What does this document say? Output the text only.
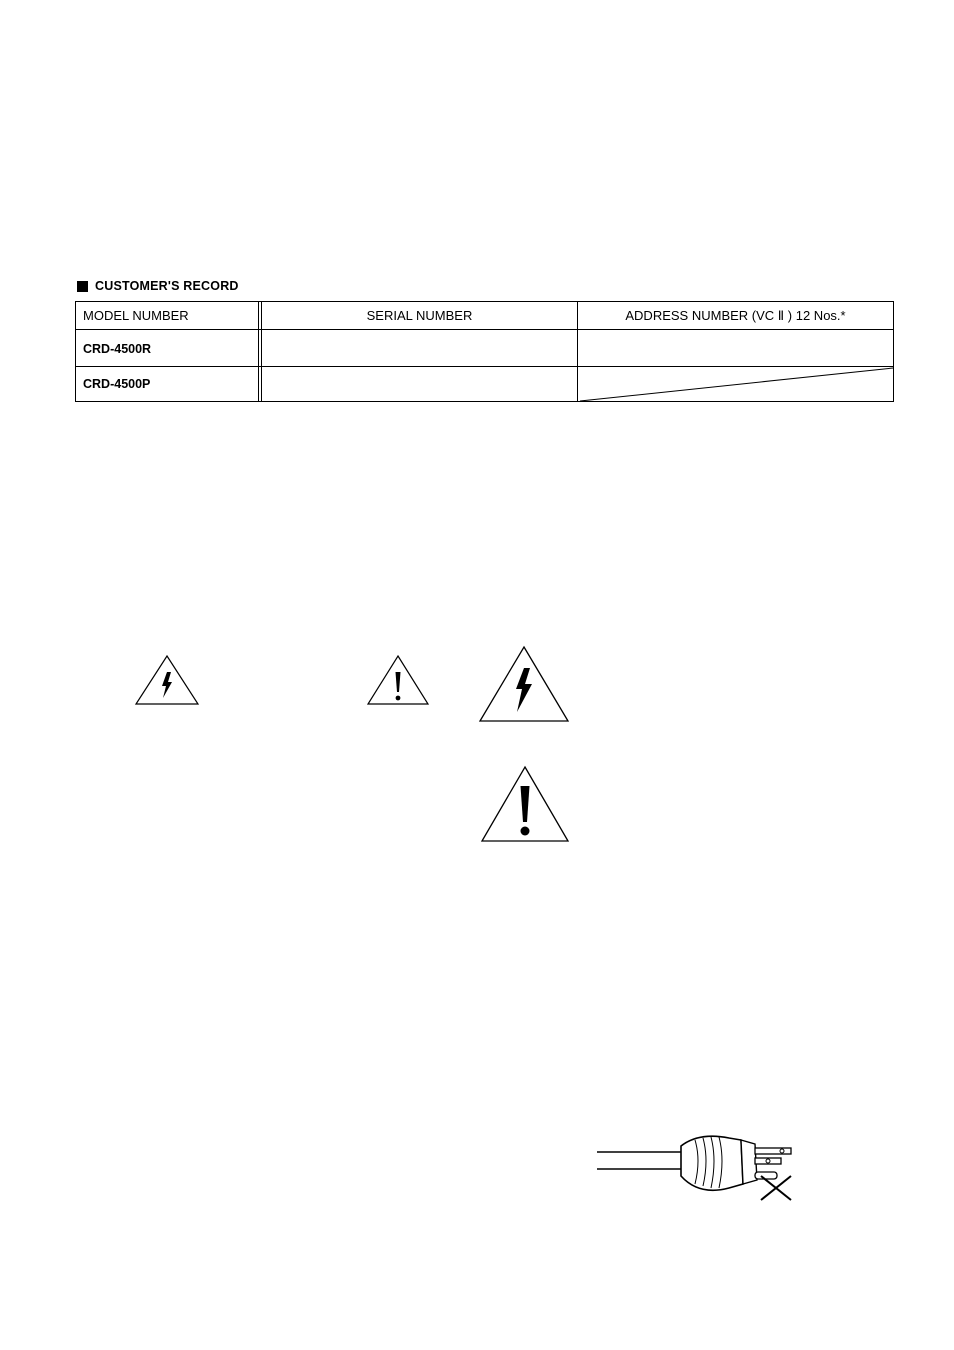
CUSTOMER'S RECORD
MODEL NUMBER	SERIAL NUMBER	ADDRESS NUMBER (VC Ⅱ ) 12 Nos.*
CRD-4500R
CRD-4500P
